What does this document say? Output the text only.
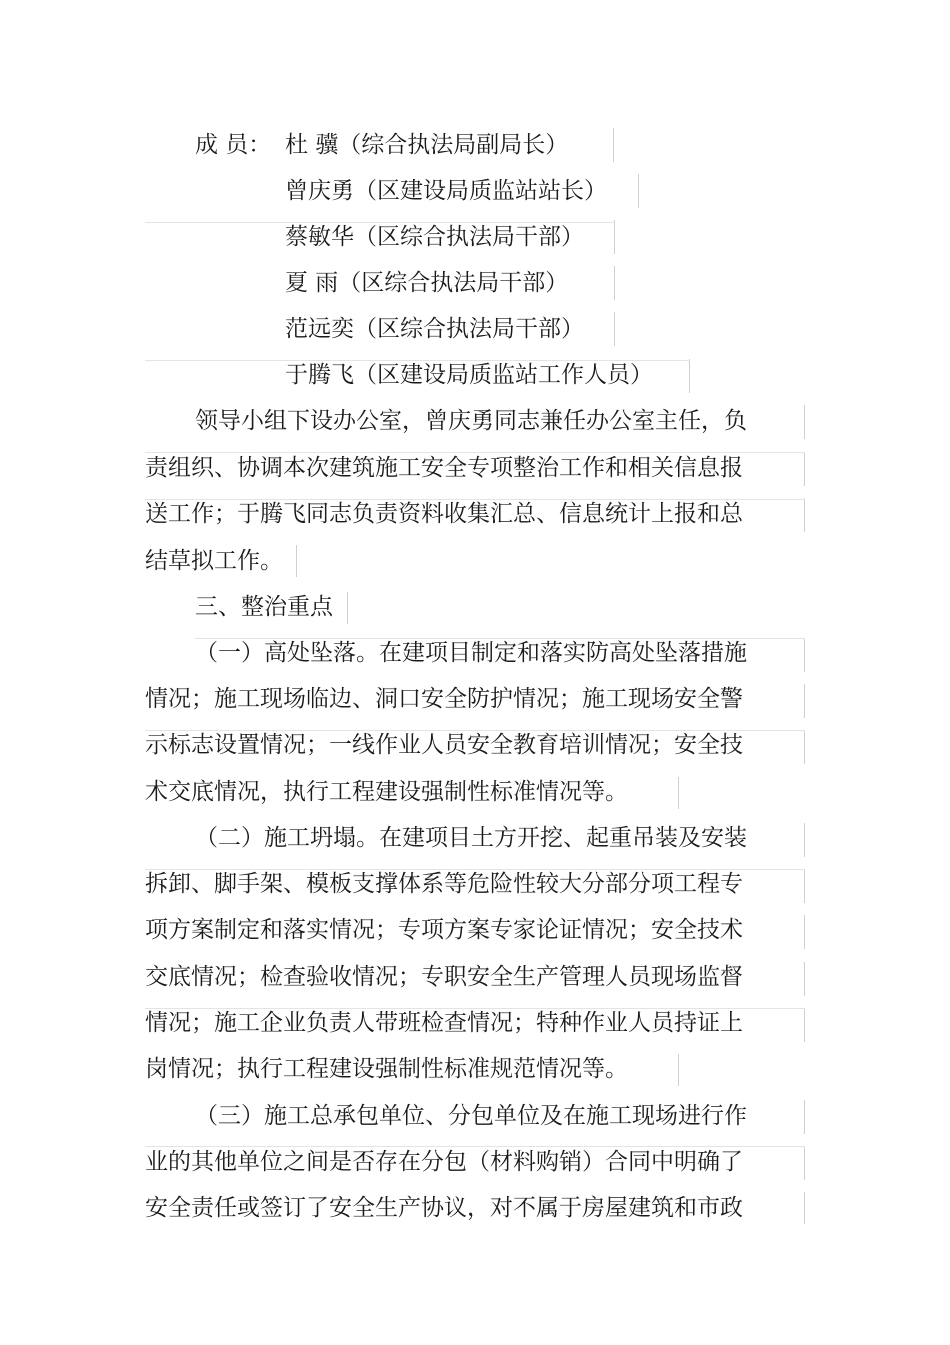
成 员： 杜 骥（综合执法局副局长）
曾庆勇（区建设局质监站站长）
蔡敏华（区综合执法局干部）
夏 雨（区综合执法局干部）
范远奕（区综合执法局干部）
于腾飞（区建设局质监站工作人员）
领导小组下设办公室，曾庆勇同志兼任办公室主任，负
责组织、协调本次建筑施工安全专项整治工作和相关信息报
送工作；于腾飞同志负责资料收集汇总、信息统计上报和总
结草拟工作。
三、整治重点
（一）高处坠落。在建项目制定和落实防高处坠落措施
情况；施工现场临边、洞口安全防护情况；施工现场安全警
示标志设置情况；一线作业人员安全教育培训情况；安全技
术交底情况，执行工程建设强制性标准情况等。
（二）施工坍塌。在建项目土方开挖、起重吊装及安装
拆卸、脚手架、模板支撑体系等危险性较大分部分项工程专
项方案制定和落实情况；专项方案专家论证情况；安全技术
交底情况；检查验收情况；专职安全生产管理人员现场监督
情况；施工企业负责人带班检查情况；特种作业人员持证上
岗情况；执行工程建设强制性标准规范情况等。
（三）施工总承包单位、分包单位及在施工现场进行作
业的其他单位之间是否存在分包（材料购销）合同中明确了
安全责任或签订了安全生产协议，对不属于房屋建筑和市政
